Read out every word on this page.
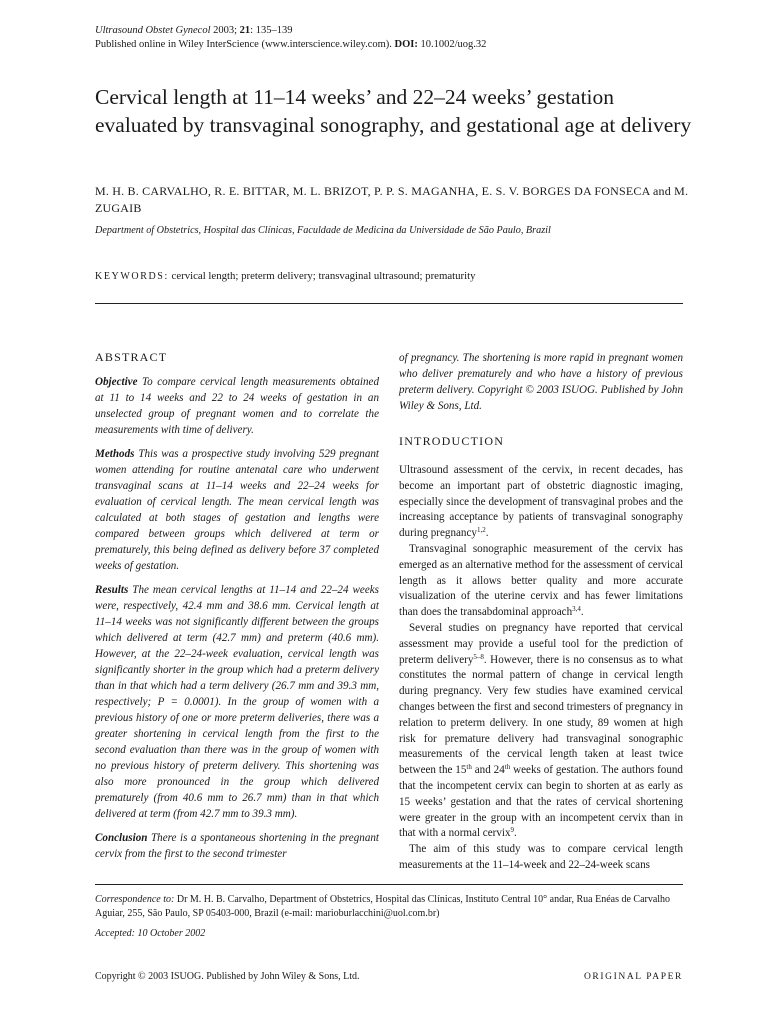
Ultrasound Obstet Gynecol 2003; 21: 135–139
Published online in Wiley InterScience (www.interscience.wiley.com). DOI: 10.1002/uog.32
Cervical length at 11–14 weeks’ and 22–24 weeks’ gestation evaluated by transvaginal sonography, and gestational age at delivery
M. H. B. CARVALHO, R. E. BITTAR, M. L. BRIZOT, P. P. S. MAGANHA, E. S. V. BORGES DA FONSECA and M. ZUGAIB
Department of Obstetrics, Hospital das Clínicas, Faculdade de Medicina da Universidade de São Paulo, Brazil
KEYWORDS: cervical length; preterm delivery; transvaginal ultrasound; prematurity
ABSTRACT

Objective To compare cervical length measurements obtained at 11 to 14 weeks and 22 to 24 weeks of gestation in an unselected group of pregnant women and to correlate the measurements with time of delivery.

Methods This was a prospective study involving 529 pregnant women attending for routine antenatal care who underwent transvaginal scans at 11–14 weeks and 22–24 weeks for evaluation of cervical length. The mean cervical length was calculated at both stages of gestation and lengths were compared between groups which delivered at term or prematurely, this being defined as delivery before 37 completed weeks of gestation.

Results The mean cervical lengths at 11–14 and 22–24 weeks were, respectively, 42.4 mm and 38.6 mm. Cervical length at 11–14 weeks was not significantly different between the groups which delivered at term (42.7 mm) and preterm (40.6 mm). However, at the 22–24-week evaluation, cervical length was significantly shorter in the group which had a preterm delivery than in that which had a term delivery (26.7 mm and 39.3 mm, respectively; P = 0.0001). In the group of women with a previous history of one or more preterm deliveries, there was a greater shortening in cervical length from the first to the second evaluation than there was in the group of women with no previous history of preterm delivery. This shortening was also more pronounced in the group which delivered prematurely (from 40.6 mm to 26.7 mm) than in that which delivered at term (from 42.7 mm to 39.3 mm).

Conclusion There is a spontaneous shortening in the pregnant cervix from the first to the second trimester

of pregnancy. The shortening is more rapid in pregnant women who deliver prematurely and who have a history of previous preterm delivery. Copyright © 2003 ISUOG. Published by John Wiley & Sons, Ltd.

INTRODUCTION

Ultrasound assessment of the cervix, in recent decades, has become an important part of obstetric diagnostic imaging, especially since the development of transvaginal probes and the increasing acceptance by patients of transvaginal sonography during pregnancy$^{1,2}$.

Transvaginal sonographic measurement of the cervix has emerged as an alternative method for the assessment of cervical length as it allows better quality and more accurate visualization of the uterine cervix and has fewer limitations than does the transabdominal approach$^{3,4}$.

Several studies on pregnancy have reported that cervical assessment may provide a useful tool for the prediction of preterm delivery$^{5-8}$. However, there is no consensus as to what constitutes the normal pattern of change in cervical length during pregnancy. Very few studies have examined cervical changes between the first and second trimesters of pregnancy in relation to preterm delivery. In one study, 89 women at high risk for premature delivery had transvaginal sonographic measurements of the cervical length taken at least twice between the 15th and 24th weeks of gestation. The authors found that the incompetent cervix can begin to shorten at as early as 15 weeks’ gestation and that the rates of cervical shortening were greater in the group with an incompetent cervix than in that with a normal cervix$^9$.

The aim of this study was to compare cervical length measurements at the 11–14-week and 22–24-week scans

Correspondence to: Dr M. H. B. Carvalho, Department of Obstetrics, Hospital das Clínicas, Instituto Central 10° andar, Rua Enéas de Carvalho Aguiar, 255, São Paulo, SP 05403-000, Brazil (e-mail: marioburlacchini@uol.com.br)
Accepted: 10 October 2002
Copyright © 2003 ISUOG. Published by John Wiley & Sons, Ltd.	ORIGINAL PAPER
